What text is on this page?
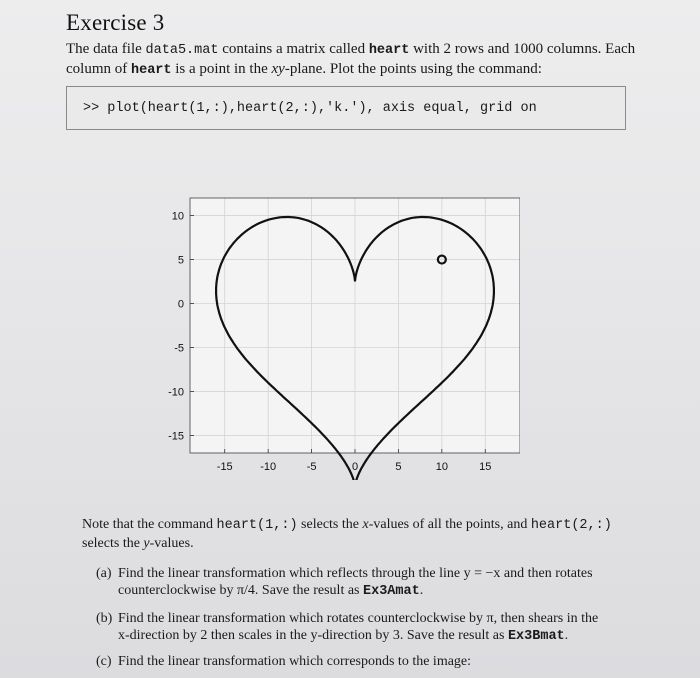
Exercise 3
The data file data5.mat contains a matrix called heart with 2 rows and 1000 columns. Each
column of heart is a point in the xy-plane. Plot the points using the command:
>> plot(heart(1,:),heart(2,:),'k.'), axis equal, grid on
-15	-10	-5	0	5	10	15
-15
-10
-5
0
5
10
Note that the command heart(1,:) selects the x-values of all the points, and heart(2,:)
selects the y-values.
(a) Find the linear transformation which reflects through the line y = −x and then rotates
counterclockwise by π/4. Save the result as Ex3Amat.
(b) Find the linear transformation which rotates counterclockwise by π, then shears in the
x-direction by 2 then scales in the y-direction by 3. Save the result as Ex3Bmat.
(c) Find the linear transformation which corresponds to the image:
